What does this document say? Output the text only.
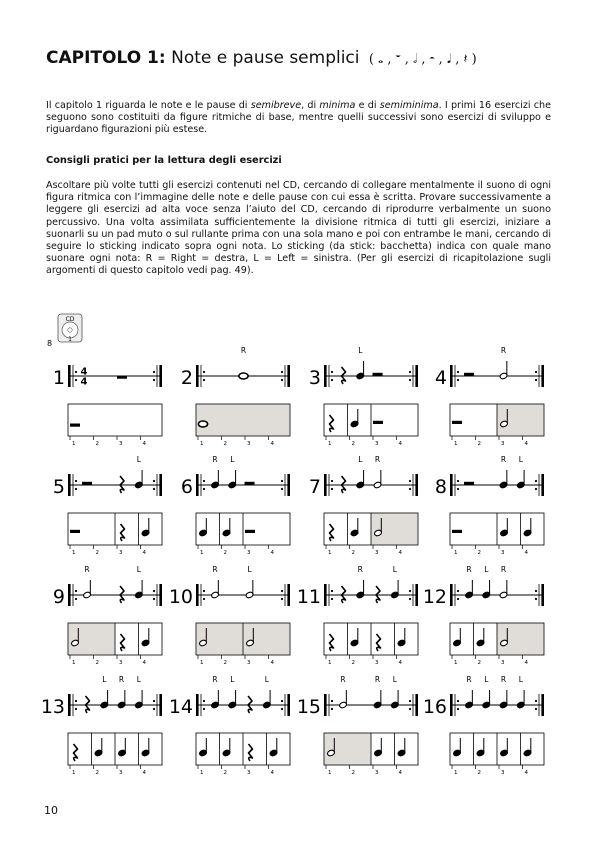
CAPITOLO 1: Note e pause semplici ( 𝅝 , 𝄻 , 𝅗𝅥 , 𝄼 , 𝅘𝅥 , 𝄽 )

Il capitolo 1 riguarda le note e le pause di semibreve, di minima e di semiminima. I primi 16 esercizi che seguono sono costituiti da figure ritmiche di base, mentre quelli successivi sono esercizi di sviluppo e riguardano figurazioni più estese.

Consigli pratici per la lettura degli esercizi

Ascoltare più volte tutti gli esercizi contenuti nel CD, cercando di collegare mentalmente il suono di ogni figura ritmica con l’immagine delle note e delle pause con cui essa è scritta. Provare successivamente a leggere gli esercizi ad alta voce senza l’aiuto del CD, cercando di riprodurre verbalmente un suono percussivo. Una volta assimilata sufficientemente la divisione ritmica di tutti gli esercizi, iniziare a suonarli su un pad muto o sul rullante prima con una sola mano e poi con entrambe le mani, cercando di seguire lo sticking indicato sopra ogni nota. Lo sticking (da stick: bacchetta) indica con quale mano suonare ogni nota: R = Right = destra, L = Left = sinistra. (Per gli esercizi di ricapitolazione sugli argomenti di questo capitolo vedi pag. 49).

CD
1
8
1 4
4
1	2	3	4
2
R
1	2	3	4
3
L
1	2	3	4
4
R
1	2	3	4
5
L
1	2	3	4
6
R L
1	2	3	4
7
L R
1	2	3	4
8
R L
1	2	3	4
9
R	L
1	2	3	4
10
R	L
1	2	3	4
11
R	L
1	2	3	4
12
R L R
1	2	3	4
13
L R L
1	2	3	4
14
R L	L
1	2	3	4
15
R	R L
1	2	3	4
16
R L R L
1	2	3	4
10
